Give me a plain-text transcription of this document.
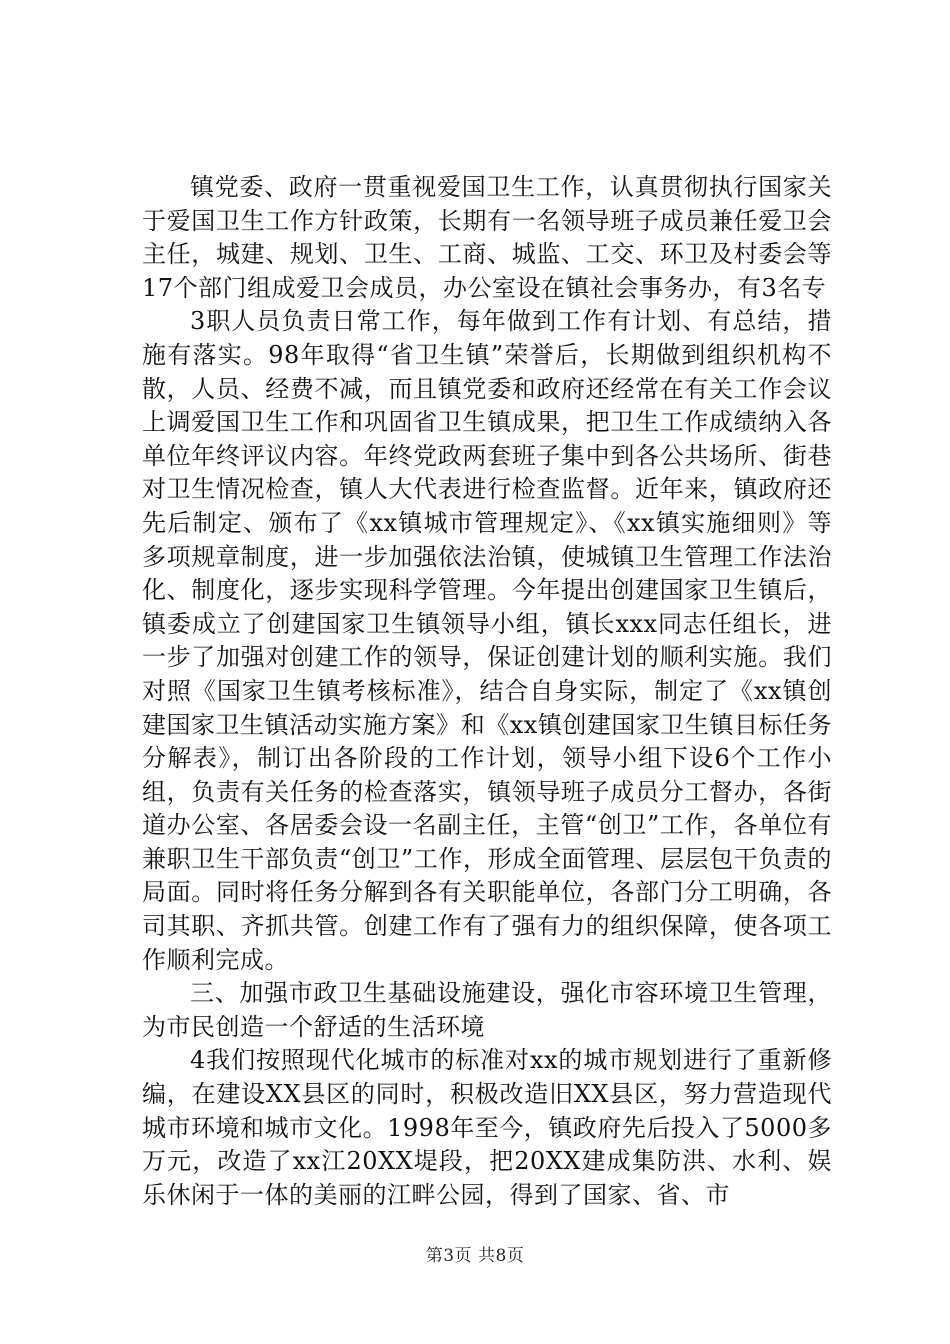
镇党委、政府一贯重视爱国卫生工作，认真贯彻执行国家关于爱国卫生工作方针政策，长期有一名领导班子成员兼任爱卫会主任，城建、规划、卫生、工商、城监、工交、环卫及村委会等17个部门组成爱卫会成员，办公室设在镇社会事务办，有3名专

3职人员负责日常工作，每年做到工作有计划、有总结，措施有落实。98年取得“省卫生镇”荣誉后，长期做到组织机构不散，人员、经费不减，而且镇党委和政府还经常在有关工作会议上调爱国卫生工作和巩固省卫生镇成果，把卫生工作成绩纳入各单位年终评议内容。年终党政两套班子集中到各公共场所、街巷对卫生情况检查，镇人大代表进行检查监督。近年来，镇政府还先后制定、颁布了《xx镇城市管理规定》、《xx镇实施细则》等多项规章制度，进一步加强依法治镇，使城镇卫生管理工作法治化、制度化，逐步实现科学管理。今年提出创建国家卫生镇后，镇委成立了创建国家卫生镇领导小组，镇长xxx同志任组长，进一步了加强对创建工作的领导，保证创建计划的顺利实施。我们对照《国家卫生镇考核标准》，结合自身实际，制定了《xx镇创建国家卫生镇活动实施方案》和《xx镇创建国家卫生镇目标任务分解表》，制订出各阶段的工作计划，领导小组下设6个工作小组，负责有关任务的检查落实，镇领导班子成员分工督办，各街道办公室、各居委会设一名副主任，主管“创卫”工作，各单位有兼职卫生干部负责“创卫”工作，形成全面管理、层层包干负责的局面。同时将任务分解到各有关职能单位，各部门分工明确，各司其职、齐抓共管。创建工作有了强有力的组织保障，使各项工作顺利完成。

三、加强市政卫生基础设施建设，强化市容环境卫生管理，为市民创造一个舒适的生活环境

4我们按照现代化城市的标准对xx的城市规划进行了重新修编，在建设XX县区的同时，积极改造旧XX县区，努力营造现代城市环境和城市文化。1998年至今，镇政府先后投入了5000多万元，改造了xx江20XX堤段，把20XX建成集防洪、水利、娱乐休闲于一体的美丽的江畔公园，得到了国家、省、市

第3页 共8页
